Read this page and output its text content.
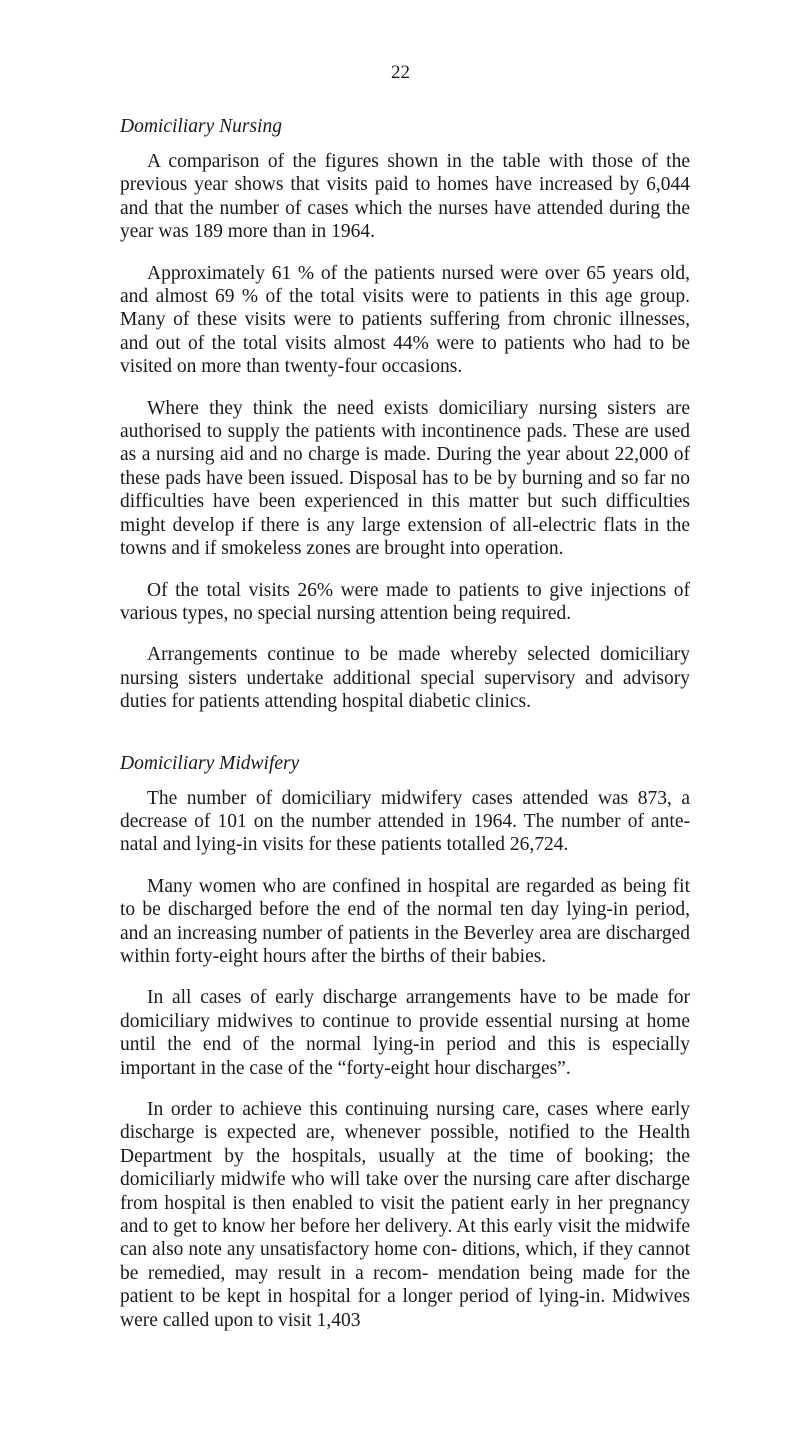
22
Domiciliary Nursing

A comparison of the figures shown in the table with those of the previous year shows that visits paid to homes have increased by 6,044 and that the number of cases which the nurses have attended during the year was 189 more than in 1964.

Approximately 61 % of the patients nursed were over 65 years old, and almost 69 % of the total visits were to patients in this age group. Many of these visits were to patients suffering from chronic illnesses, and out of the total visits almost 44% were to patients who had to be visited on more than twenty-four occasions.

Where they think the need exists domiciliary nursing sisters are authorised to supply the patients with incontinence pads. These are used as a nursing aid and no charge is made. During the year about 22,000 of these pads have been issued. Disposal has to be by burning and so far no difficulties have been experienced in this matter but such difficulties might develop if there is any large extension of all-electric flats in the towns and if smokeless zones are brought into operation.

Of the total visits 26% were made to patients to give injections of various types, no special nursing attention being required.

Arrangements continue to be made whereby selected domiciliary nursing sisters undertake additional special supervisory and advisory duties for patients attending hospital diabetic clinics.

Domiciliary Midwifery

The number of domiciliary midwifery cases attended was 873, a decrease of 101 on the number attended in 1964. The number of ante-natal and lying-in visits for these patients totalled 26,724.

Many women who are confined in hospital are regarded as being fit to be discharged before the end of the normal ten day lying-in period, and an increasing number of patients in the Beverley area are discharged within forty-eight hours after the births of their babies.

In all cases of early discharge arrangements have to be made for domiciliary midwives to continue to provide essential nursing at home until the end of the normal lying-in period and this is especially important in the case of the “forty-eight hour discharges”.

In order to achieve this continuing nursing care, cases where early discharge is expected are, whenever possible, notified to the Health Department by the hospitals, usually at the time of booking; the domiciliarly midwife who will take over the nursing care after discharge from hospital is then enabled to visit the patient early in her pregnancy and to get to know her before her delivery. At this early visit the midwife can also note any unsatisfactory home con- ditions, which, if they cannot be remedied, may result in a recom- mendation being made for the patient to be kept in hospital for a longer period of lying-in. Midwives were called upon to visit 1,403
